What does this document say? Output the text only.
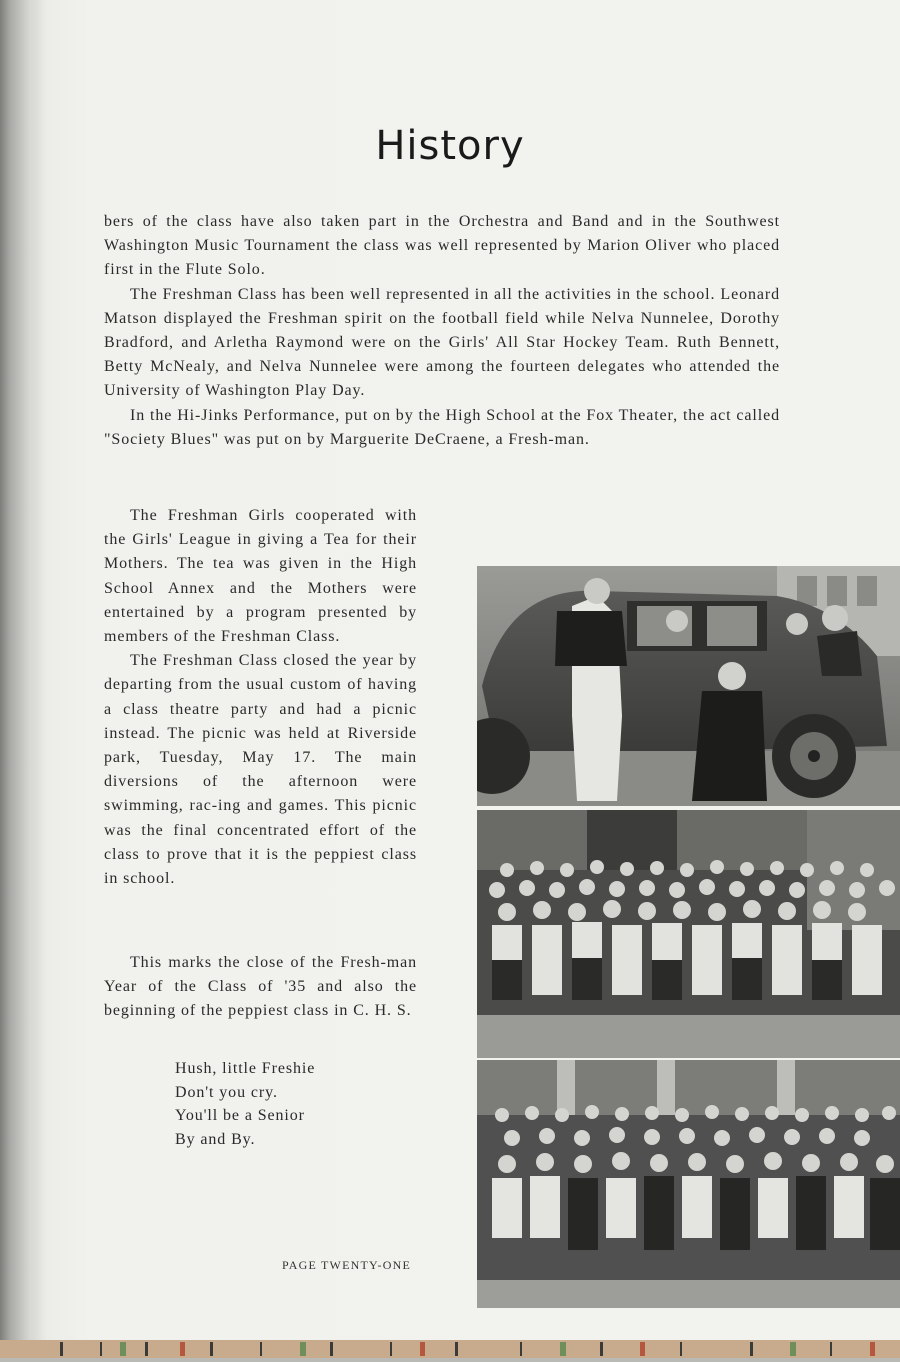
History

bers of the class have also taken part in the Orchestra and Band and in the Southwest Washington Music Tournament the class was well represented by Marion Oliver who placed first in the Flute Solo.

The Freshman Class has been well represented in all the activities in the school. Leonard Matson displayed the Freshman spirit on the football field while Nelva Nunnelee, Dorothy Bradford, and Arletha Raymond were on the Girls' All Star Hockey Team. Ruth Bennett, Betty McNealy, and Nelva Nunnelee were among the fourteen delegates who attended the University of Washington Play Day.

In the Hi-Jinks Performance, put on by the High School at the Fox Theater, the act called "Society Blues" was put on by Marguerite DeCraene, a Fresh-man.

The Freshman Girls cooperated with the Girls' League in giving a Tea for their Mothers. The tea was given in the High School Annex and the Mothers were entertained by a program presented by members of the Freshman Class.

The Freshman Class closed the year by departing from the usual custom of having a class theatre party and had a picnic instead. The picnic was held at Riverside park, Tuesday, May 17. The main diversions of the afternoon were swimming, rac-ing and games. This picnic was the final concentrated effort of the class to prove that it is the peppiest class in school.

This marks the close of the Fresh-man Year of the Class of '35 and also the beginning of the peppiest class in C. H. S.

Hush, little Freshie
Don't you cry.
You'll be a Senior
By and By.
PAGE TWENTY-ONE
